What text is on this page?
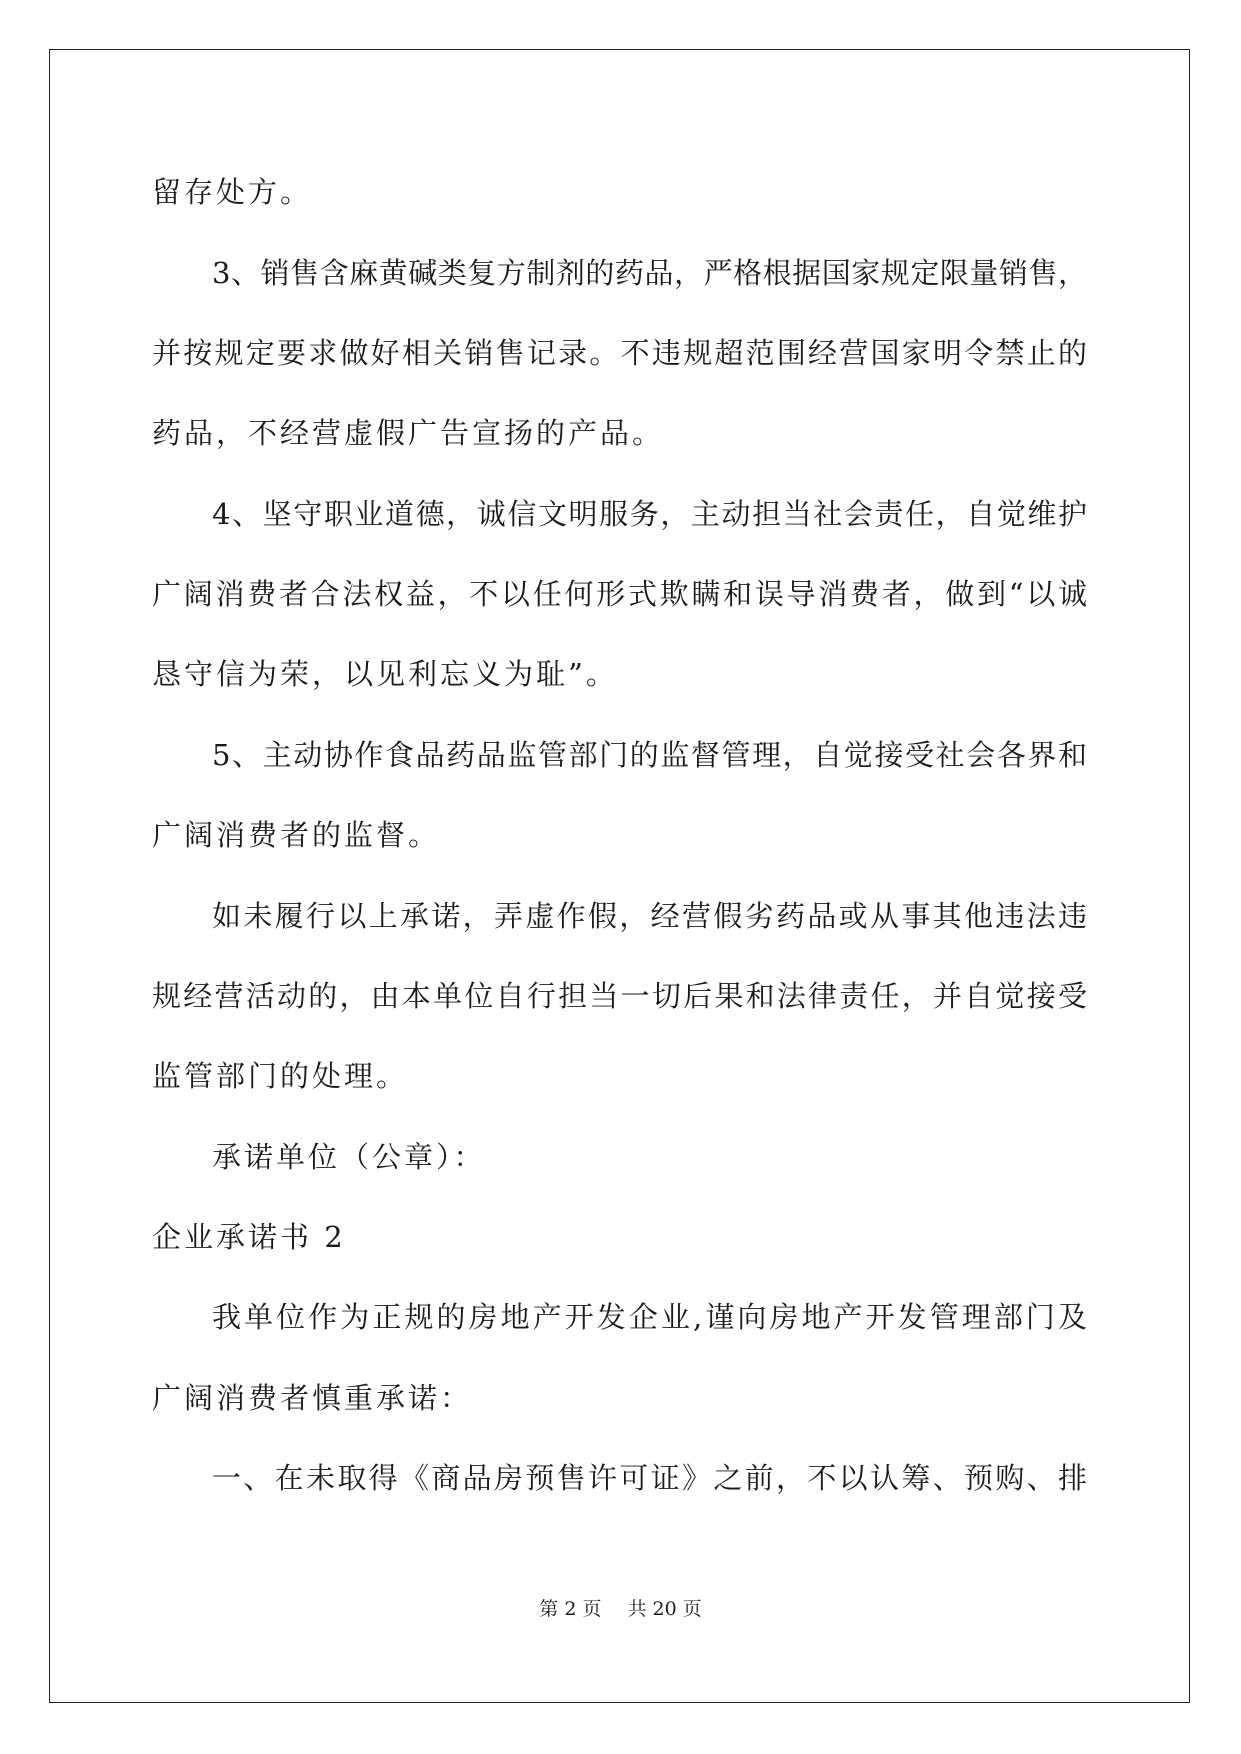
留存处方。
3、销售含麻黄碱类复方制剂的药品，严格根据国家规定限量销售，
并按规定要求做好相关销售记录。不违规超范围经营国家明令禁止的
药品，不经营虚假广告宣扬的产品。
4、坚守职业道德，诚信文明服务，主动担当社会责任，自觉维护
广阔消费者合法权益，不以任何形式欺瞒和误导消费者，做到“以诚
恳守信为荣，以见利忘义为耻”。
5、主动协作食品药品监管部门的监督管理，自觉接受社会各界和
广阔消费者的监督。
如未履行以上承诺，弄虚作假，经营假劣药品或从事其他违法违
规经营活动的，由本单位自行担当一切后果和法律责任，并自觉接受
监管部门的处理。
承诺单位（公章）：
企业承诺书 2
我单位作为正规的房地产开发企业,谨向房地产开发管理部门及
广阔消费者慎重承诺：
一、在未取得《商品房预售许可证》之前，不以认筹、预购、排
第 2 页 共 20 页
